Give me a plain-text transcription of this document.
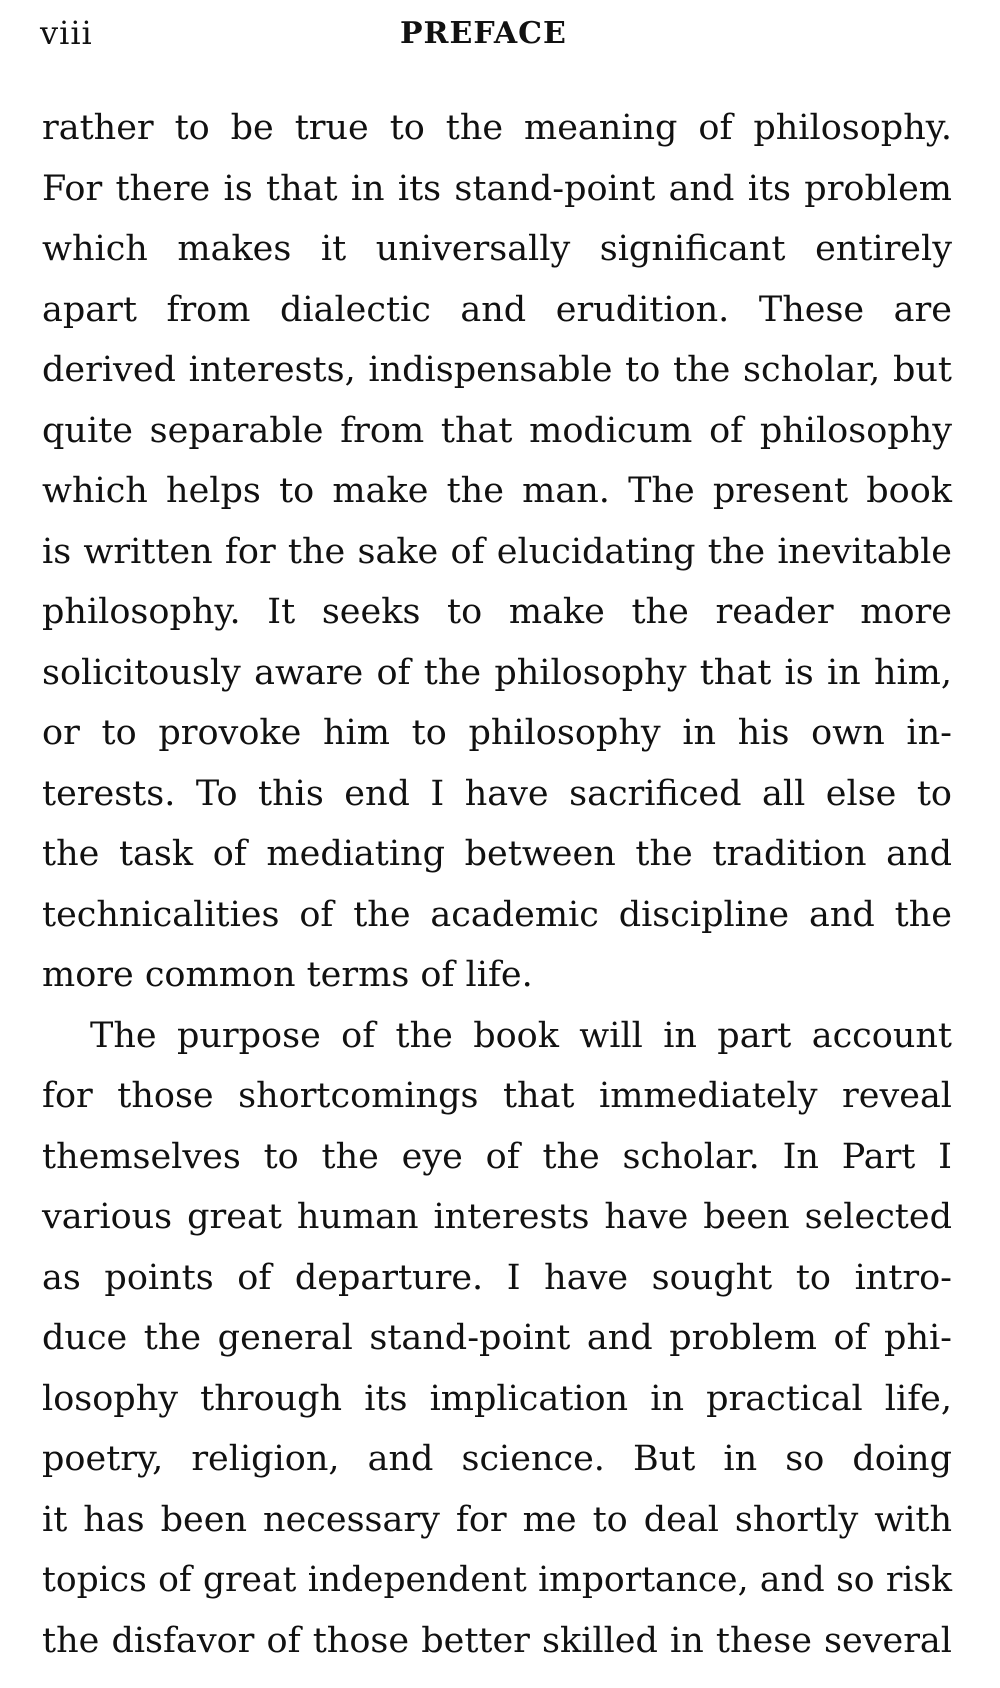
viii	PREFACE
rather to be true to the meaning of philosophy.
For there is that in its stand-point and its problem
which makes it universally significant entirely
apart from dialectic and erudition. These are
derived interests, indispensable to the scholar, but
quite separable from that modicum of philosophy
which helps to make the man. The present book
is written for the sake of elucidating the inevitable
philosophy. It seeks to make the reader more
solicitously aware of the philosophy that is in him,
or to provoke him to philosophy in his own in-
terests. To this end I have sacrificed all else to
the task of mediating between the tradition and
technicalities of the academic discipline and the
more common terms of life.
The purpose of the book will in part account
for those shortcomings that immediately reveal
themselves to the eye of the scholar. In Part I
various great human interests have been selected
as points of departure. I have sought to intro-
duce the general stand-point and problem of phi-
losophy through its implication in practical life,
poetry, religion, and science. But in so doing
it has been necessary for me to deal shortly with
topics of great independent importance, and so risk
the disfavor of those better skilled in these several
